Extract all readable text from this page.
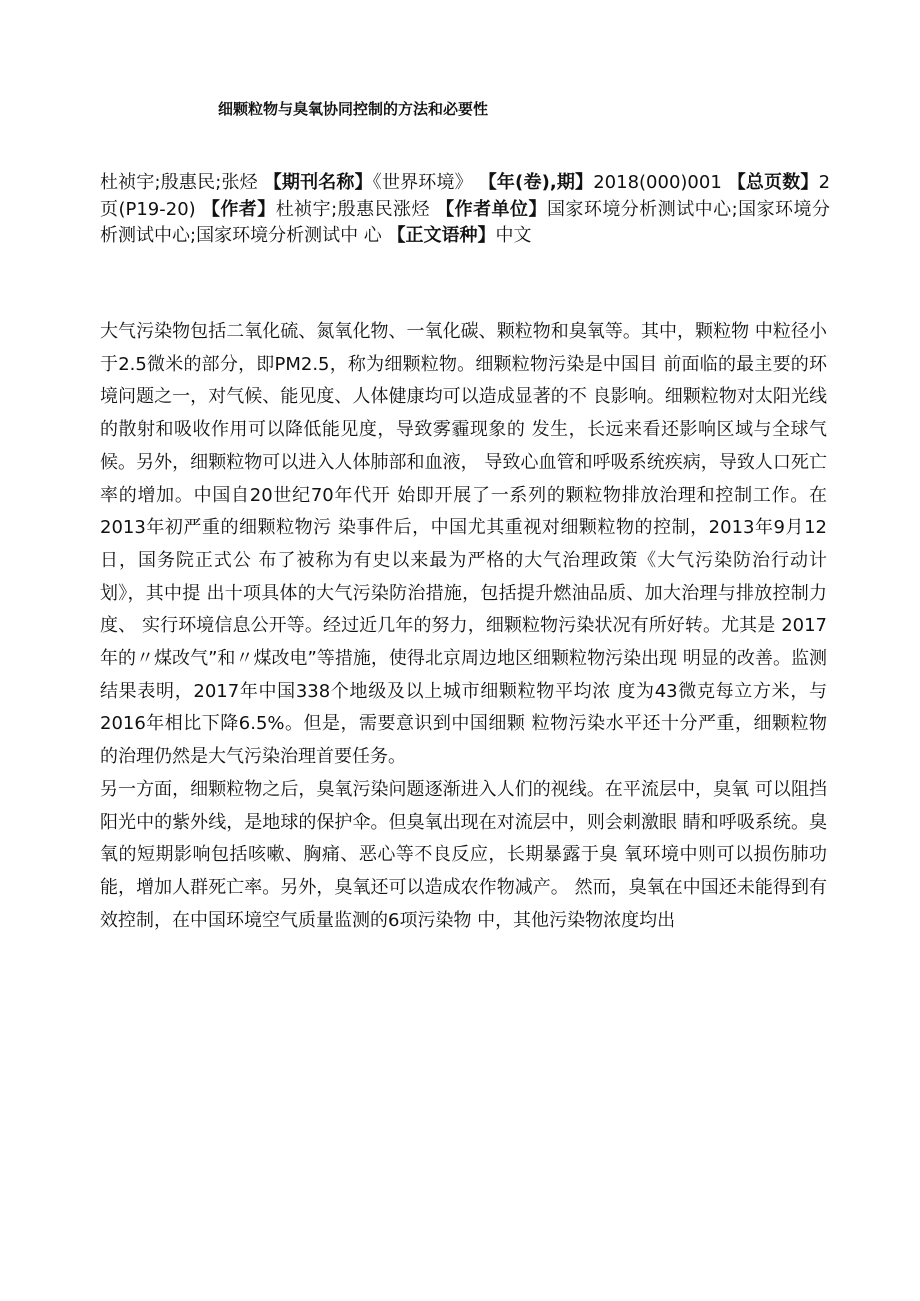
细颗粒物与臭氧协同控制的方法和必要性

杜祯宇;殷惠民;张烃 【期刊名称】《世界环境》 【年(卷),期】2018(000)001 【总页数】2页(P19-20) 【作者】杜祯宇;殷惠民涨烃 【作者单位】国家环境分析测试中心;国家环境分析测试中心;国家环境分析测试中 心 【正文语种】中文

大气污染物包括二氧化硫、氮氧化物、一氧化碳、颗粒物和臭氧等。其中，颗粒物 中粒径小于2.5微米的部分，即PM2.5，称为细颗粒物。细颗粒物污染是中国目 前面临的最主要的环境问题之一，对气候、能见度、人体健康均可以造成显著的不 良影响。细颗粒物对太阳光线的散射和吸收作用可以降低能见度，导致雾霾现象的 发生，长远来看还影响区域与全球气候。另外，细颗粒物可以进入人体肺部和血液， 导致心血管和呼吸系统疾病，导致人口死亡率的增加。中国自20世纪70年代开 始即开展了一系列的颗粒物排放治理和控制工作。在2013年初严重的细颗粒物污 染事件后，中国尤其重视对细颗粒物的控制，2013年9月12日，国务院正式公 布了被称为有史以来最为严格的大气治理政策《大气污染防治行动计划》，其中提 出十项具体的大气污染防治措施，包括提升燃油品质、加大治理与排放控制力度、 实行环境信息公开等。经过近几年的努力，细颗粒物污染状况有所好转。尤其是 2017年的〃煤改气”和〃煤改电”等措施，使得北京周边地区细颗粒物污染出现 明显的改善。监测结果表明，2017年中国338个地级及以上城市细颗粒物平均浓 度为43微克每立方米，与2016年相比下降6.5%。但是，需要意识到中国细颗 粒物污染水平还十分严重，细颗粒物的治理仍然是大气污染治理首要任务。

另一方面，细颗粒物之后，臭氧污染问题逐渐进入人们的视线。在平流层中，臭氧 可以阻挡阳光中的紫外线，是地球的保护伞。但臭氧出现在对流层中，则会刺激眼 睛和呼吸系统。臭氧的短期影响包括咳嗽、胸痛、恶心等不良反应，长期暴露于臭 氧环境中则可以损伤肺功能，增加人群死亡率。另外，臭氧还可以造成农作物减产。 然而，臭氧在中国还未能得到有效控制，在中国环境空气质量监测的6项污染物 中，其他污染物浓度均出
